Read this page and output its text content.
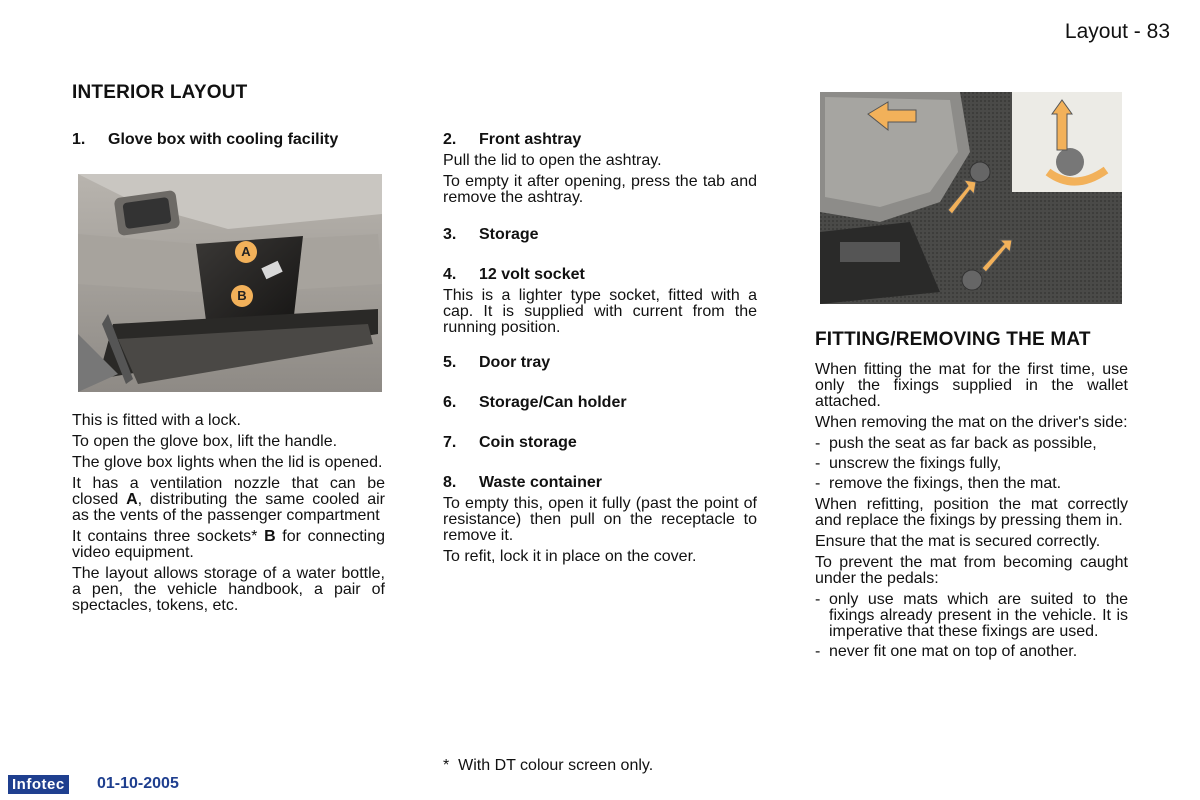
Layout - 83
INTERIOR LAYOUT
1.	Glove box with cooling facility
A
B

This is fitted with a lock.

To open the glove box, lift the handle.

The glove box lights when the lid is opened.

It has a ventilation nozzle that can be closed A, distributing the same cooled air as the vents of the passenger compartment

It contains three sockets* B for connecting video equipment.

The layout allows storage of a water bottle, a pen, the vehicle handbook, a pair of spectacles, tokens, etc.

2.	Front ashtray

Pull the lid to open the ashtray.

To empty it after opening, press the tab and remove the ashtray.

3.	Storage
4.	12 volt socket

This is a lighter type socket, fitted with a cap. It is supplied with current from the running position.

5.	Door tray
6.	Storage/Can holder
7.	Coin storage
8.	Waste container

To empty this, open it fully (past the point of resistance) then pull on the receptacle to remove it.

To refit, lock it in place on the cover.

*  With DT colour screen only.
FITTING/REMOVING THE MAT

When fitting the mat for the first time, use only the fixings supplied in the wallet attached.

When removing the mat on the driver's side:

- push the seat as far back as possible,
- unscrew the fixings fully,
- remove the fixings, then the mat.

When refitting, position the mat correctly and replace the fixings by pressing them in.

Ensure that the mat is secured correctly.

To prevent the mat from becoming caught under the pedals:

- only use mats which are suited to the fixings already present in the vehicle. It is imperative that these fixings are used.
- never fit one mat on top of another.
Infotec 01-10-2005
